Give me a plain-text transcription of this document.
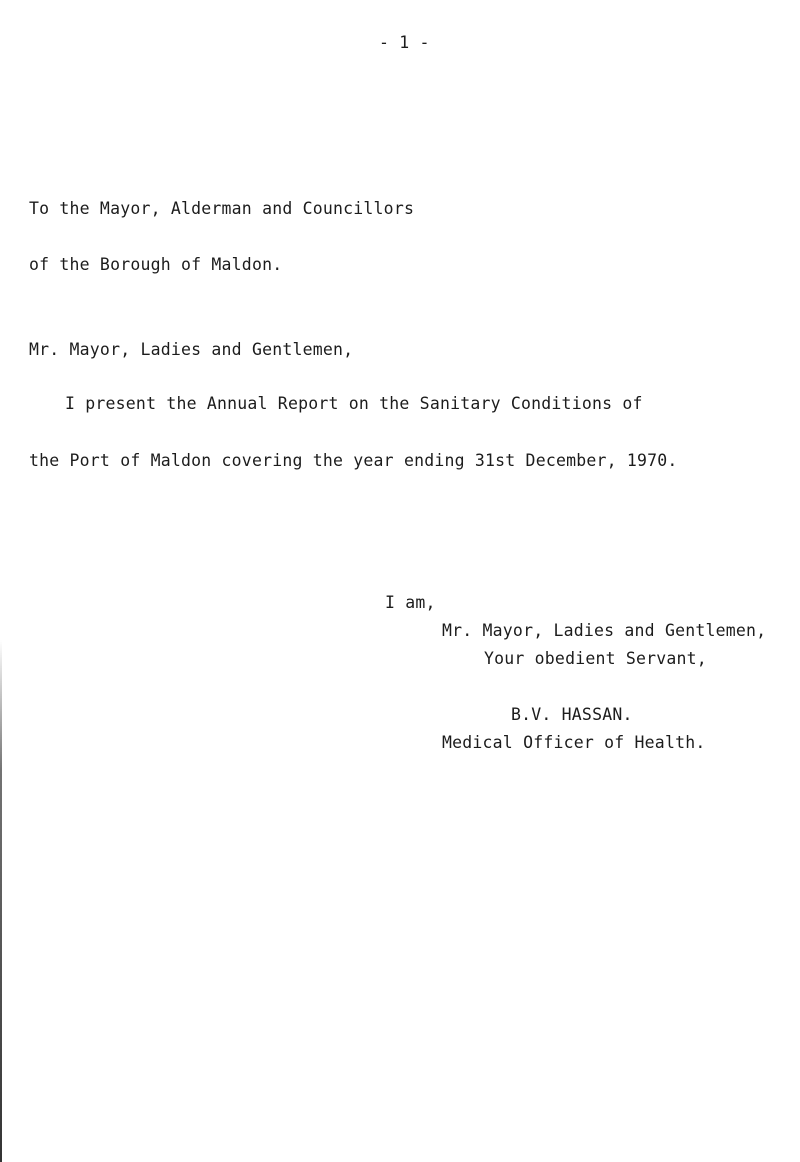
- 1 -
To the Mayor, Alderman and Councillors
of the Borough of Maldon.
Mr. Mayor, Ladies and Gentlemen,
I present the Annual Report on the Sanitary Conditions of
the Port of Maldon covering the year ending 31st December, 1970.
I am,
Mr. Mayor, Ladies and Gentlemen,
Your obedient Servant,
B.V. HASSAN.
Medical Officer of Health.
